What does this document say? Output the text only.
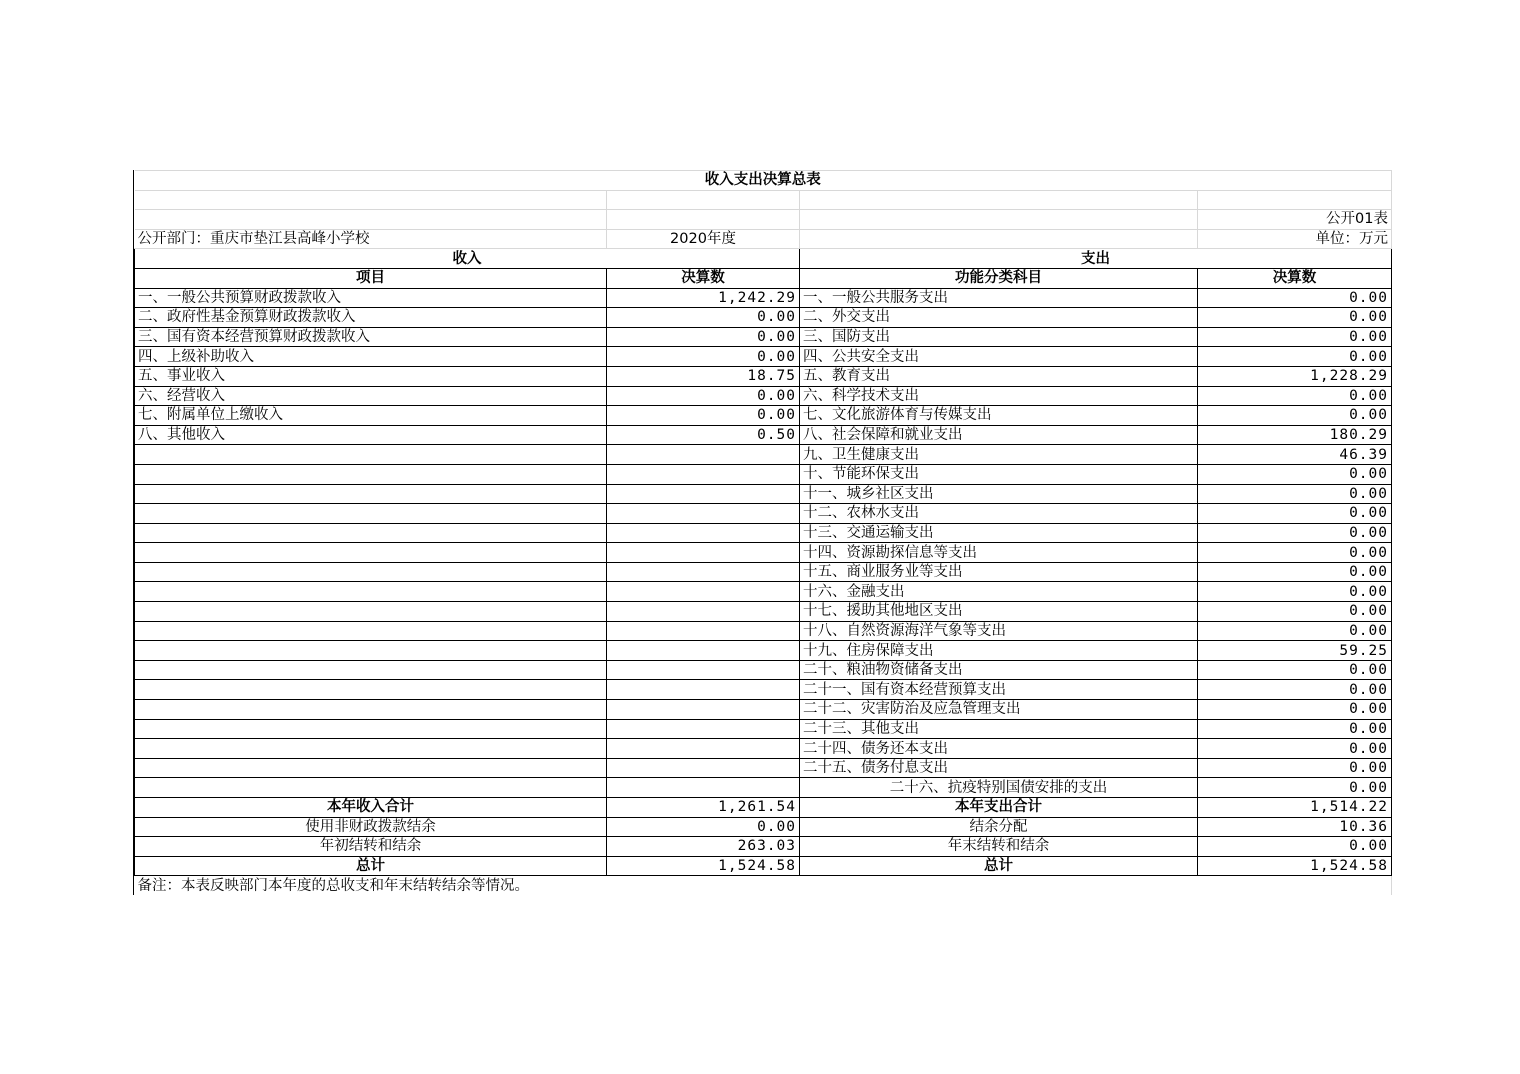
收入支出决算总表			

			公开01表
公开部门：重庆市垫江县高峰小学校	2020年度		单位：万元
收入		支出	
项目	决算数	功能分类科目	决算数
一、一般公共预算财政拨款收入	1,242.29	一、一般公共服务支出	0.00
二、政府性基金预算财政拨款收入	0.00	二、外交支出	0.00
三、国有资本经营预算财政拨款收入	0.00	三、国防支出	0.00
四、上级补助收入	0.00	四、公共安全支出	0.00
五、事业收入	18.75	五、教育支出	1,228.29
六、经营收入	0.00	六、科学技术支出	0.00
七、附属单位上缴收入	0.00	七、文化旅游体育与传媒支出	0.00
八、其他收入	0.50	八、社会保障和就业支出	180.29
		九、卫生健康支出	46.39
		十、节能环保支出	0.00
		十一、城乡社区支出	0.00
		十二、农林水支出	0.00
		十三、交通运输支出	0.00
		十四、资源勘探信息等支出	0.00
		十五、商业服务业等支出	0.00
		十六、金融支出	0.00
		十七、援助其他地区支出	0.00
		十八、自然资源海洋气象等支出	0.00
		十九、住房保障支出	59.25
		二十、粮油物资储备支出	0.00
		二十一、国有资本经营预算支出	0.00
		二十二、灾害防治及应急管理支出	0.00
		二十三、其他支出	0.00
		二十四、债务还本支出	0.00
		二十五、债务付息支出	0.00
		二十六、抗疫特别国债安排的支出	0.00
本年收入合计	1,261.54	本年支出合计	1,514.22
使用非财政拨款结余	0.00	结余分配	10.36
年初结转和结余	263.03	年末结转和结余	0.00
总计	1,524.58	总计	1,524.58
备注：本表反映部门本年度的总收支和年末结转结余等情况。			
